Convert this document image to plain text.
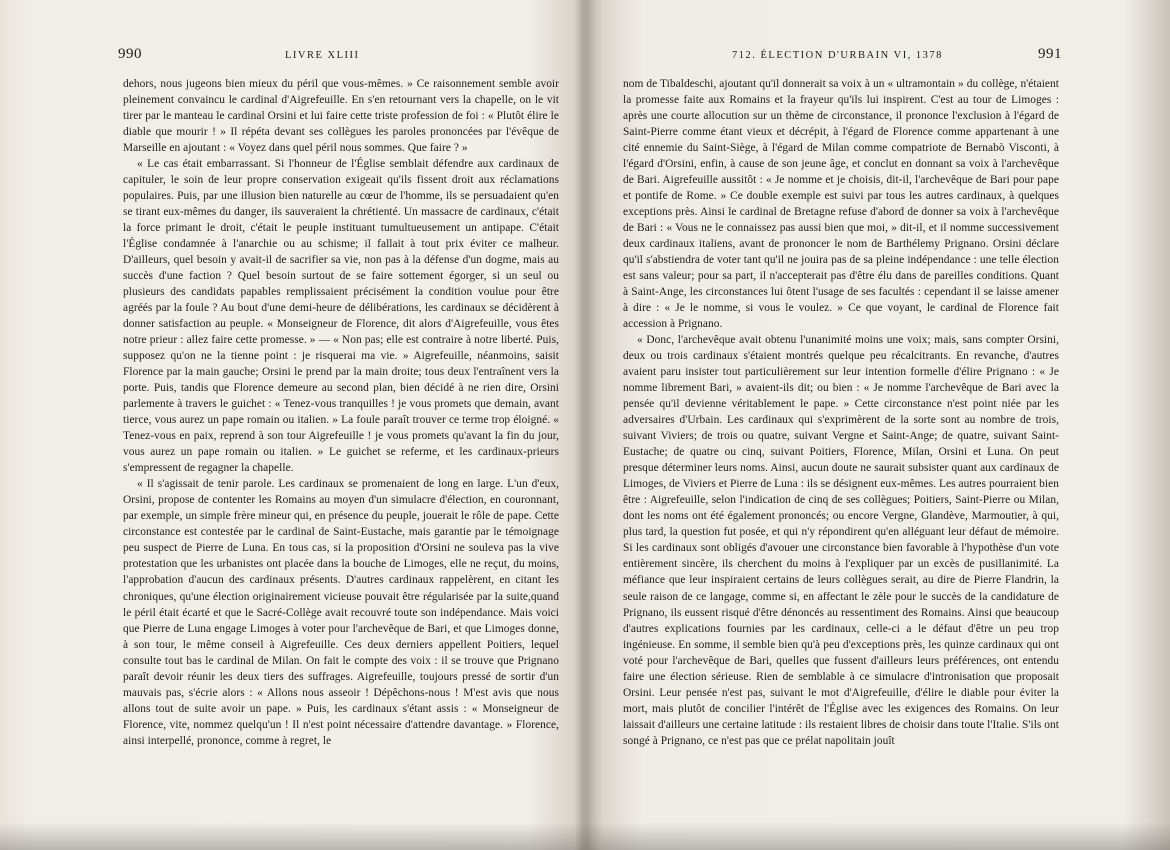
990	LIVRE XLIII

dehors, nous jugeons bien mieux du péril que vous-mêmes. » Ce raisonnement semble avoir pleinement convaincu le cardinal d'Aigrefeuille. En s'en retournant vers la chapelle, on le vit tirer par le manteau le cardinal Orsini et lui faire cette triste profession de foi : « Plutôt élire le diable que mourir ! » Il répéta devant ses collègues les paroles prononcées par l'évêque de Marseille en ajoutant : « Voyez dans quel péril nous sommes. Que faire ? »

« Le cas était embarrassant. Si l'honneur de l'Église semblait défendre aux cardinaux de capituler, le soin de leur propre conservation exigeait qu'ils fissent droit aux réclamations populaires. Puis, par une illusion bien naturelle au cœur de l'homme, ils se persuadaient qu'en se tirant eux-mêmes du danger, ils sauveraient la chrétienté. Un massacre de cardinaux, c'était la force primant le droit, c'était le peuple instituant tumultueusement un antipape. C'était l'Église condamnée à l'anarchie ou au schisme; il fallait à tout prix éviter ce malheur. D'ailleurs, quel besoin y avait-il de sacrifier sa vie, non pas à la défense d'un dogme, mais au succès d'une faction ? Quel besoin surtout de se faire sottement égorger, si un seul ou plusieurs des candidats papables remplissaient précisément la condition voulue pour être agréés par la foule ? Au bout d'une demi-heure de délibérations, les cardinaux se décidèrent à donner satisfaction au peuple. « Monseigneur de Florence, dit alors d'Aigrefeuille, vous êtes notre prieur : allez faire cette promesse. » — « Non pas; elle est contraire à notre liberté. Puis, supposez qu'on ne la tienne point : je risquerai ma vie. » Aigrefeuille, néanmoins, saisit Florence par la main gauche; Orsini le prend par la main droite; tous deux l'entraînent vers la porte. Puis, tandis que Florence demeure au second plan, bien décidé à ne rien dire, Orsini parlemente à travers le guichet : « Tenez-vous tranquilles ! je vous promets que demain, avant tierce, vous aurez un pape romain ou italien. » La foule paraît trouver ce terme trop éloigné. « Tenez-vous en paix, reprend à son tour Aigrefeuille ! je vous promets qu'avant la fin du jour, vous aurez un pape romain ou italien. » Le guichet se referme, et les cardinaux-prieurs s'empressent de regagner la chapelle.

« Il s'agissait de tenir parole. Les cardinaux se promenaient de long en large. L'un d'eux, Orsini, propose de contenter les Romains au moyen d'un simulacre d'élection, en couronnant, par exemple, un simple frère mineur qui, en présence du peuple, jouerait le rôle de pape. Cette circonstance est contestée par le cardinal de Saint-Eustache, mais garantie par le témoignage peu suspect de Pierre de Luna. En tous cas, si la proposition d'Orsini ne souleva pas la vive protestation que les urbanistes ont placée dans la bouche de Limoges, elle ne reçut, du moins, l'approbation d'aucun des cardinaux présents. D'autres cardinaux rappelèrent, en citant les chroniques, qu'une élection originairement vicieuse pouvait être régularisée par la suite,quand le péril était écarté et que le Sacré-Collège avait recouvré toute son indépendance. Mais voici que Pierre de Luna engage Limoges à voter pour l'archevêque de Bari, et que Limoges donne, à son tour, le même conseil à Aigrefeuille. Ces deux derniers appellent Poitiers, lequel consulte tout bas le cardinal de Milan. On fait le compte des voix : il se trouve que Prignano paraît devoir réunir les deux tiers des suffrages. Aigrefeuille, toujours pressé de sortir d'un mauvais pas, s'écrie alors : « Allons nous asseoir ! Dépêchons-nous ! M'est avis que nous allons tout de suite avoir un pape. » Puis, les cardinaux s'étant assis : « Monseigneur de Florence, vite, nommez quelqu'un ! Il n'est point nécessaire d'attendre davantage. » Florence, ainsi interpellé, prononce, comme à regret, le

712. ÉLECTION D'URBAIN VI, 1378	991

nom de Tibaldeschi, ajoutant qu'il donnerait sa voix à un « ultramontain » du collège, n'étaient la promesse faite aux Romains et la frayeur qu'ils lui inspirent. C'est au tour de Limoges : après une courte allocution sur un thème de circonstance, il prononce l'exclusion à l'égard de Saint-Pierre comme étant vieux et décrépit, à l'égard de Florence comme appartenant à une cité ennemie du Saint-Siège, à l'égard de Milan comme compatriote de Bernabò Visconti, à l'égard d'Orsini, enfin, à cause de son jeune âge, et conclut en donnant sa voix à l'archevêque de Bari. Aigrefeuille aussitôt : « Je nomme et je choisis, dit-il, l'archevêque de Bari pour pape et pontife de Rome. » Ce double exemple est suivi par tous les autres cardinaux, à quelques exceptions près. Ainsi le cardinal de Bretagne refuse d'abord de donner sa voix à l'archevêque de Bari : « Vous ne le connaissez pas aussi bien que moi, » dit-il, et il nomme successivement deux cardinaux italiens, avant de prononcer le nom de Barthélemy Prignano. Orsini déclare qu'il s'abstiendra de voter tant qu'il ne jouira pas de sa pleine indépendance : une telle élection est sans valeur; pour sa part, il n'accepterait pas d'être élu dans de pareilles conditions. Quant à Saint-Ange, les circonstances lui ôtent l'usage de ses facultés : cependant il se laisse amener à dire : « Je le nomme, si vous le voulez. » Ce que voyant, le cardinal de Florence fait accession à Prignano.

« Donc, l'archevêque avait obtenu l'unanimité moins une voix; mais, sans compter Orsini, deux ou trois cardinaux s'étaient montrés quelque peu récalcitrants. En revanche, d'autres avaient paru insister tout particulièrement sur leur intention formelle d'élire Prignano : « Je nomme librement Bari, » avaient-ils dit; ou bien : « Je nomme l'archevêque de Bari avec la pensée qu'il devienne véritablement le pape. » Cette circonstance n'est point niée par les adversaires d'Urbain. Les cardinaux qui s'exprimèrent de la sorte sont au nombre de trois, suivant Viviers; de trois ou quatre, suivant Vergne et Saint-Ange; de quatre, suivant Saint-Eustache; de quatre ou cinq, suivant Poitiers, Florence, Milan, Orsini et Luna. On peut presque déterminer leurs noms. Ainsi, aucun doute ne saurait subsister quant aux cardinaux de Limoges, de Viviers et Pierre de Luna : ils se désignent eux-mêmes. Les autres pourraient bien être : Aigrefeuille, selon l'indication de cinq de ses collègues; Poitiers, Saint-Pierre ou Milan, dont les noms ont été également prononcés; ou encore Vergne, Glandève, Marmoutier, à qui, plus tard, la question fut posée, et qui n'y répondirent qu'en alléguant leur défaut de mémoire. Si les cardinaux sont obligés d'avouer une circonstance bien favorable à l'hypothèse d'un vote entièrement sincère, ils cherchent du moins à l'expliquer par un excès de pusillanimité. La méfiance que leur inspiraient certains de leurs collègues serait, au dire de Pierre Flandrin, la seule raison de ce langage, comme si, en affectant le zèle pour le succès de la candidature de Prignano, ils eussent risqué d'être dénoncés au ressentiment des Romains. Ainsi que beaucoup d'autres explications fournies par les cardinaux, celle-ci a le défaut d'être un peu trop ingénieuse. En somme, il semble bien qu'à peu d'exceptions près, les quinze cardinaux qui ont voté pour l'archevêque de Bari, quelles que fussent d'ailleurs leurs préférences, ont entendu faire une élection sérieuse. Rien de semblable à ce simulacre d'intronisation que proposait Orsini. Leur pensée n'est pas, suivant le mot d'Aigrefeuille, d'élire le diable pour éviter la mort, mais plutôt de concilier l'intérêt de l'Église avec les exigences des Romains. On leur laissait d'ailleurs une certaine latitude : ils restaient libres de choisir dans toute l'Italie. S'ils ont songé à Prignano, ce n'est pas que ce prélat napolitain jouît
